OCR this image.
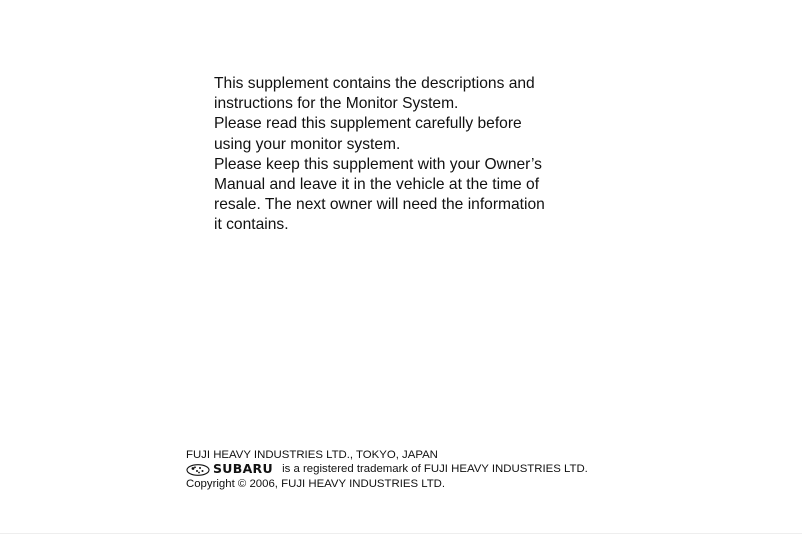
This supplement contains the descriptions and
instructions for the Monitor System.
Please read this supplement carefully before
using your monitor system.
Please keep this supplement with your Owner’s
Manual and leave it in the vehicle at the time of
resale. The next owner will need the information
it contains.
FUJI HEAVY INDUSTRIES LTD., TOKYO, JAPAN
SUBARU is a registered trademark of FUJI HEAVY INDUSTRIES LTD.
Copyright © 2006, FUJI HEAVY INDUSTRIES LTD.
